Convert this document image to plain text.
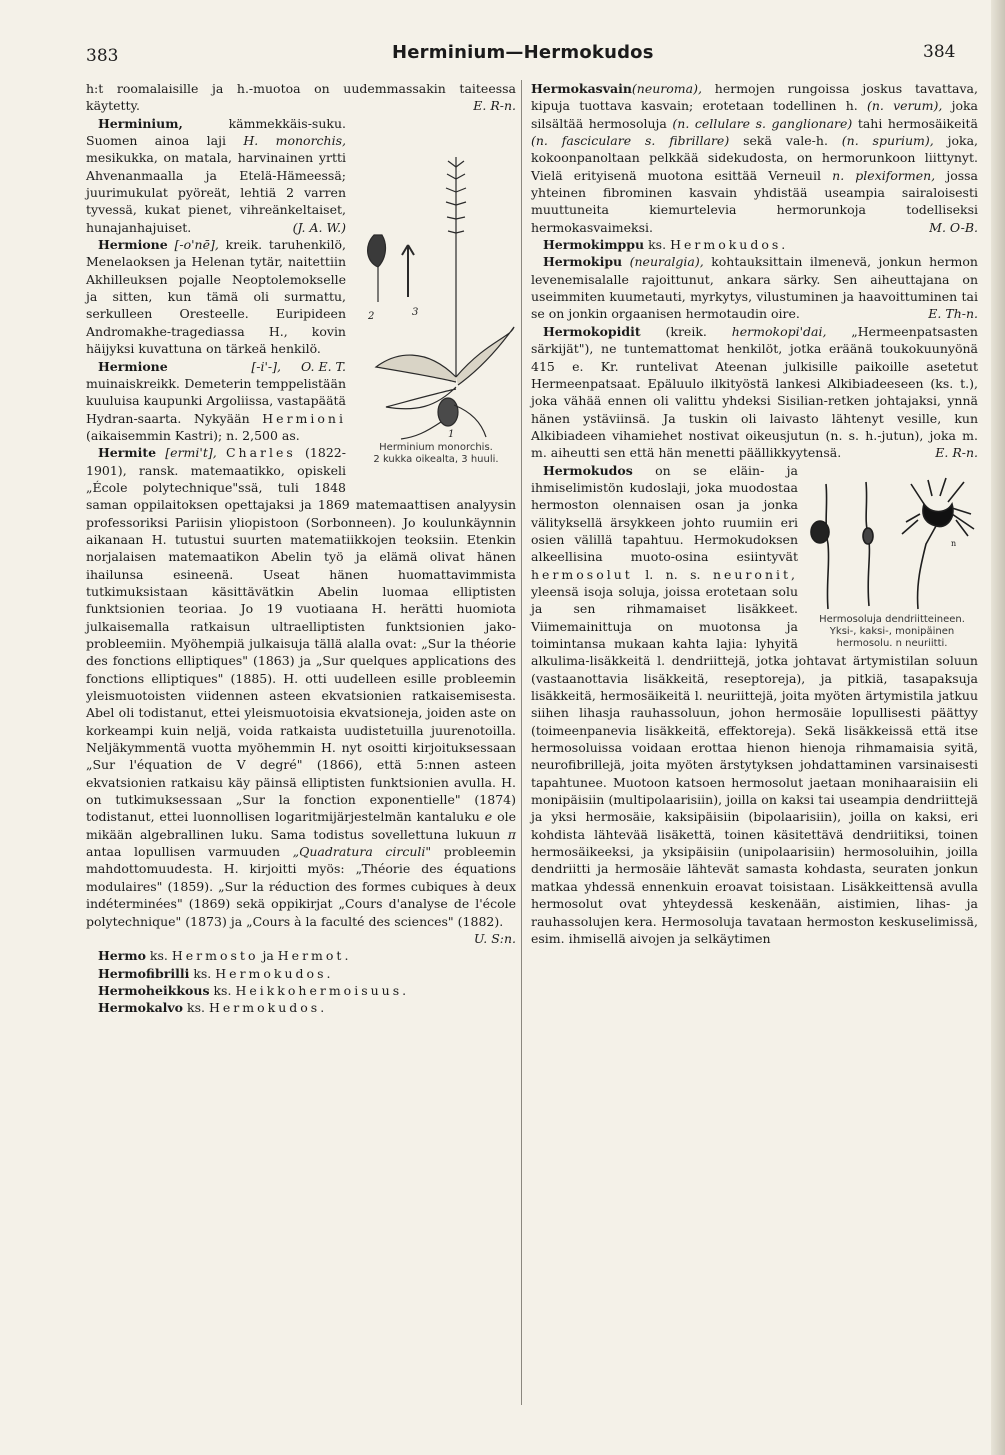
383	Herminium—Hermokudos	384

h:t roomalaisille ja h.-muotoa on uudemmassakin taiteessa käytetty.	E. R-n.

2	3
1
Herminium monorchis.
2 kukka oikealta, 3 huuli.

Herminium,	kämmekkäis-suku. Suomen ainoa laji H. monorchis, mesikukka, on matala, harvinainen yrtti Ahvenanmaalla ja Etelä-Hämeessä; juurimukulat pyöreät, lehtiä 2 varren tyvessä, kukat pienet, vihreänkeltaiset, hunajanhajuiset.	(J. A. W.)

Hermione [-o'nē], kreik. taruhenkilö, Menelaoksen ja Helenan tytär, naitettiin Akhilleuksen pojalle Neoptolemokselle ja sitten, kun tämä oli surmattu, serkulleen Oresteelle. Euripideen Andromakhe-tragediassa H., kovin häijyksi kuvattuna on tärkeä henkilö.
O. E. T.

Hermione	[-i'-], muinaiskreikk. Demeterin temppelistään kuuluisa kaupunki Argoliissa, vastapäätä Hydran-saarta. Nykyään Hermioni (aikaisemmin Kastri); n. 2,500 as.

Hermite [ermi't], Charles (1822-1901), ransk. matemaatikko, opiskeli „École polytechnique"ssä, tuli 1848 saman oppilaitoksen opettajaksi ja 1869 matemaattisen analyysin professoriksi Pariisin yliopistoon (Sorbonneen). Jo koulunkäynnin aikanaan H. tutustui suurten matematiikkojen teoksiin. Etenkin norjalaisen matemaatikon Abelin työ ja elämä olivat hänen ihailunsa esineenä. Useat hänen huomattavimmista tutkimuksistaan käsittävätkin Abelin luomaa elliptisten funktsionien teoriaa. Jo 19 vuotiaana H. herätti huomiota julkaisemalla ratkaisun ultraelliptisten funktsionien jako-probleemiin. Myöhempiä julkaisuja tällä alalla ovat: „Sur la théorie des fonctions elliptiques" (1863) ja „Sur quelques applications des fonctions elliptiques" (1885). H. otti uudelleen esille probleemin yleismuotoisten viidennen asteen ekvatsionien ratkaisemisesta. Abel oli todistanut, ettei yleismuotoisia ekvatsioneja, joiden aste on korkeampi kuin neljä, voida ratkaista uudistetuilla juurenotoilla. Neljäkymmentä vuotta myöhemmin H. nyt osoitti kirjoituksessaan „Sur l'équation de V degré" (1866), että 5:nnen asteen ekvatsionien ratkaisu käy päinsä elliptisten funktsionien avulla. H. on tutkimuksessaan „Sur la fonction exponentielle" (1874) todistanut, ettei luonnollisen logaritmijärjestelmän kantaluku e ole mikään algebrallinen luku. Sama todistus sovellettuna lukuun π antaa lopullisen varmuuden „Quadratura circuli" probleemin mahdottomuudesta. H. kirjoitti myös: „Théorie des équations modulaires" (1859). „Sur la réduction des formes cubiques à deux indéterminées" (1869) sekä oppikirjat „Cours d'analyse de l'école polytechnique" (1873) ja „Cours à la faculté des sciences" (1882).
U. S:n.

Hermo ks. Hermosto ja Hermot.

Hermofibrilli ks. Hermokudos.

Hermoheikkous ks. Heikkohermoisuus.

Hermokalvo ks. Hermokudos.

Hermokasvain(neuroma), hermojen rungoissa joskus tavattava, kipuja tuottava kasvain; erotetaan todellinen h. (n. verum), joka silsältää hermosoluja (n. cellulare s. ganglionare) tahi hermosäikeitä (n. fasciculare s. fibrillare) sekä vale-h. (n. spurium), joka, kokoonpanoltaan pelkkää sidekudosta, on hermorunkoon liittynyt. Vielä erityisenä muotona esittää Verneuil n. plexiformen, jossa yhteinen fibrominen kasvain yhdistää useampia sairaloisesti muuttuneita kiemurtelevia hermorunkoja todelliseksi hermokasvaimeksi.	M. O-B.

Hermokimppu ks. Hermokudos.

Hermokipu (neuralgia), kohtauksittain ilmenevä, jonkun hermon levenemisalalle rajoittunut, ankara särky. Sen aiheuttajana on useimmiten kuumetauti, myrkytys, vilustuminen ja haavoittuminen tai se on jonkin orgaanisen hermotaudin oire.	E. Th-n.

Hermokopidit (kreik. hermokopi'dai, „Hermeenpatsasten särkijät"), ne tuntemattomat henkilöt, jotka eräänä toukokuunyönä 415 e. Kr. runtelivat Ateenan julkisille paikoille asetetut Hermeenpatsaat. Epäluulo ilkityöstä lankesi Alkibiadeeseen (ks. t.), joka vähää ennen oli valittu yhdeksi Sisilian-retken johtajaksi, ynnä hänen ystäviinsä. Ja tuskin oli laivasto lähtenyt vesille, kun Alkibiadeen vihamiehet nostivat oikeusjutun (n. s. h.-jutun), joka m. m. aiheutti sen että hän menetti päällikkyytensä.	E. R-n.

n
Hermosoluja dendriitteineen.
Yksi-, kaksi-, monipäinen hermosolu. n neuriitti.

Hermokudos on se eläin- ja ihmiselimistön kudoslaji, joka muodostaa hermoston olennaisen osan ja jonka välityksellä ärsykkeen johto ruumiin eri osien välillä tapahtuu. Hermokudoksen alkeellisina muoto-osina esiintyvät hermosolut l. n. s. neuronit, yleensä isoja soluja, joissa erotetaan solu ja sen rihmamaiset lisäkkeet. Viimemainittuja on muotonsa ja toimintansa mukaan kahta lajia: lyhyitä alkulima-lisäkkeitä l. dendriittejä, jotka johtavat ärtymistilan soluun (vastaanottavia lisäkkeitä, reseptoreja), ja pitkiä, tasapaksuja lisäkkeitä, hermosäikeitä l. neuriittejä, joita myöten ärtymistila jatkuu siihen lihasja rauhassoluun, johon hermosäie lopullisesti päättyy (toimeenpanevia lisäkkeitä, effektoreja). Sekä lisäkkeissä että itse hermosoluissa voidaan erottaa hienon hienoja rihmamaisia syitä, neurofibrillejä, joita myöten ärstytyksen johdattaminen varsinaisesti tapahtunee. Muotoon katsoen hermosolut jaetaan monihaaraisiin eli monipäisiin (multipolaarisiin), joilla on kaksi tai useampia dendriittejä ja yksi hermosäie, kaksipäisiin (bipolaarisiin), joilla on kaksi, eri kohdista lähtevää lisäkettä, toinen käsitettävä dendriitiksi, toinen hermosäikeeksi, ja yksipäisiin (unipolaarisiin) hermosoluihin, joilla dendriitti ja hermosäie lähtevät samasta kohdasta, seuraten jonkun matkaa yhdessä ennenkuin eroavat toisistaan. Lisäkkeittensä avulla hermosolut ovat yhteydessä keskenään, aistimien, lihas- ja rauhassolujen kera. Hermosoluja tavataan hermoston keskuselimissä, esim. ihmisellä aivojen ja selkäytimen
